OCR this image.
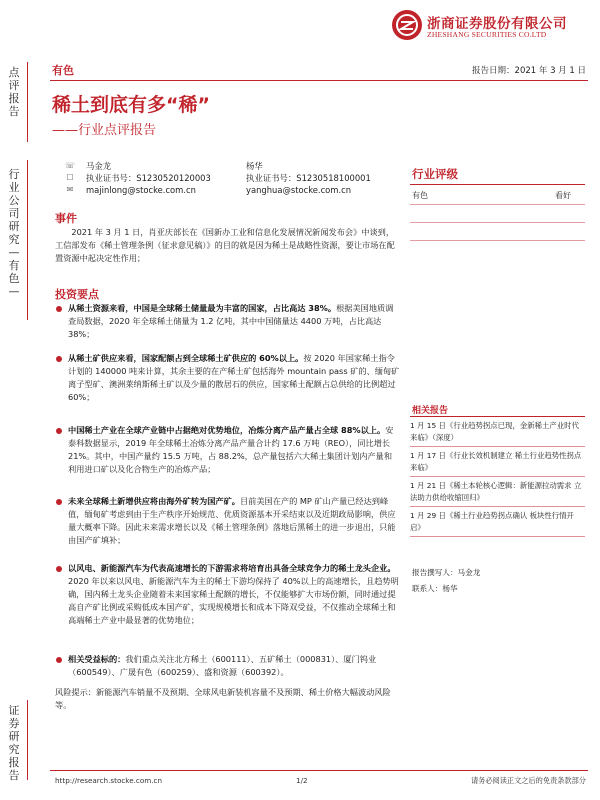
浙商证券股份有限公司
ZHESHANG SECURITIES CO.LTD
点评报告
行业公司研究—有色—
证券研究报告
有色	报告日期：2021 年 3 月 1 日
稀土到底有多“稀”
——行业点评报告
☏
☐
✉
马金龙
执业证书号：S1230520120003
majinlong@stocke.com.cn
杨华
执业证书号：S1230518100001
yanghua@stocke.com.cn
行业评级
有色	看好
事件
2021 年 3 月 1 日，肖亚庆部长在《国新办工业和信息化发展情况新闻发布会》中谈到，工信部发布《稀土管理条例（征求意见稿）》的目的就是因为稀土是战略性资源，要让市场在配置资源中起决定性作用；
投资要点
从稀土资源来看，中国是全球稀土储量最为丰富的国家，占比高达 38%。根据美国地质调查局数据，2020 年全球稀土储量为 1.2 亿吨，其中中国储量达 4400 万吨，占比高达 38%；
从稀土矿供应来看，国家配额占到全球稀土矿供应的 60%以上。按 2020 年国家稀土指令计划的 140000 吨来计算，其余主要的在产稀土矿包括海外 mountain pass 矿的、缅甸矿离子型矿、澳洲莱纳斯稀土矿以及少量的散居石的供应，国家稀土配额占总供给的比例超过 60%；
中国稀土产业在全球产业链中占据绝对优势地位，冶炼分离产品产量占全球 88%以上。安泰科数据显示，2019 年全球稀土冶炼分离产品产量合计约 17.6 万吨（REO），同比增长 21%。其中，中国产量约 15.5 万吨，占 88.2%，总产量包括六大稀土集团计划内产量和利用进口矿以及化合物生产的冶炼产品；
未来全球稀土新增供应将由海外矿转为国产矿。目前美国在产的 MP 矿山产量已经达到峰值，缅甸矿考虑到由于生产秩序开始规范、优质资源基本开采结束以及近期政局影响，供应量大概率下降。因此未来需求增长以及《稀土管理条例》落地后黑稀土的进一步退出，只能由国产矿填补；
以风电、新能源汽车为代表高速增长的下游需求将培育出具备全球竞争力的稀土龙头企业。2020 年以来以风电、新能源汽车为主的稀土下游均保持了 40%以上的高速增长，且趋势明确，国内稀土龙头企业随着未来国家稀土配额的增长，不仅能够扩大市场份额，同时通过提高自产矿比例或采购低成本国产矿，实现规模增长和成本下降双受益，不仅推动全球稀土和高端稀土产业中最显著的优势地位；
相关受益标的：我们重点关注北方稀土（600111）、五矿稀土（000831）、厦门钨业（600549）、广晟有色（600259）、盛和资源（600392）。
风险提示：新能源汽车销量不及预期、全球风电新装机容量不及预期、稀土价格大幅波动风险等。
相关报告
1 月 15 日《行业趋势拐点已现，金新稀土产业时代来临》（深度）
1 月 17 日《行业长效机制建立 稀土行业趋势性拐点来临》
1 月 21 日《稀土本轮核心逻辑：新能源拉动需求 立法助力供给收缩回归》
1 月 29 日《稀土行业趋势拐点确认 板块性行情开启》
报告撰写人：马金龙
联系人：杨华
http://research.stocke.com.cn	1/2	请务必阅读正文之后的免责条款部分
